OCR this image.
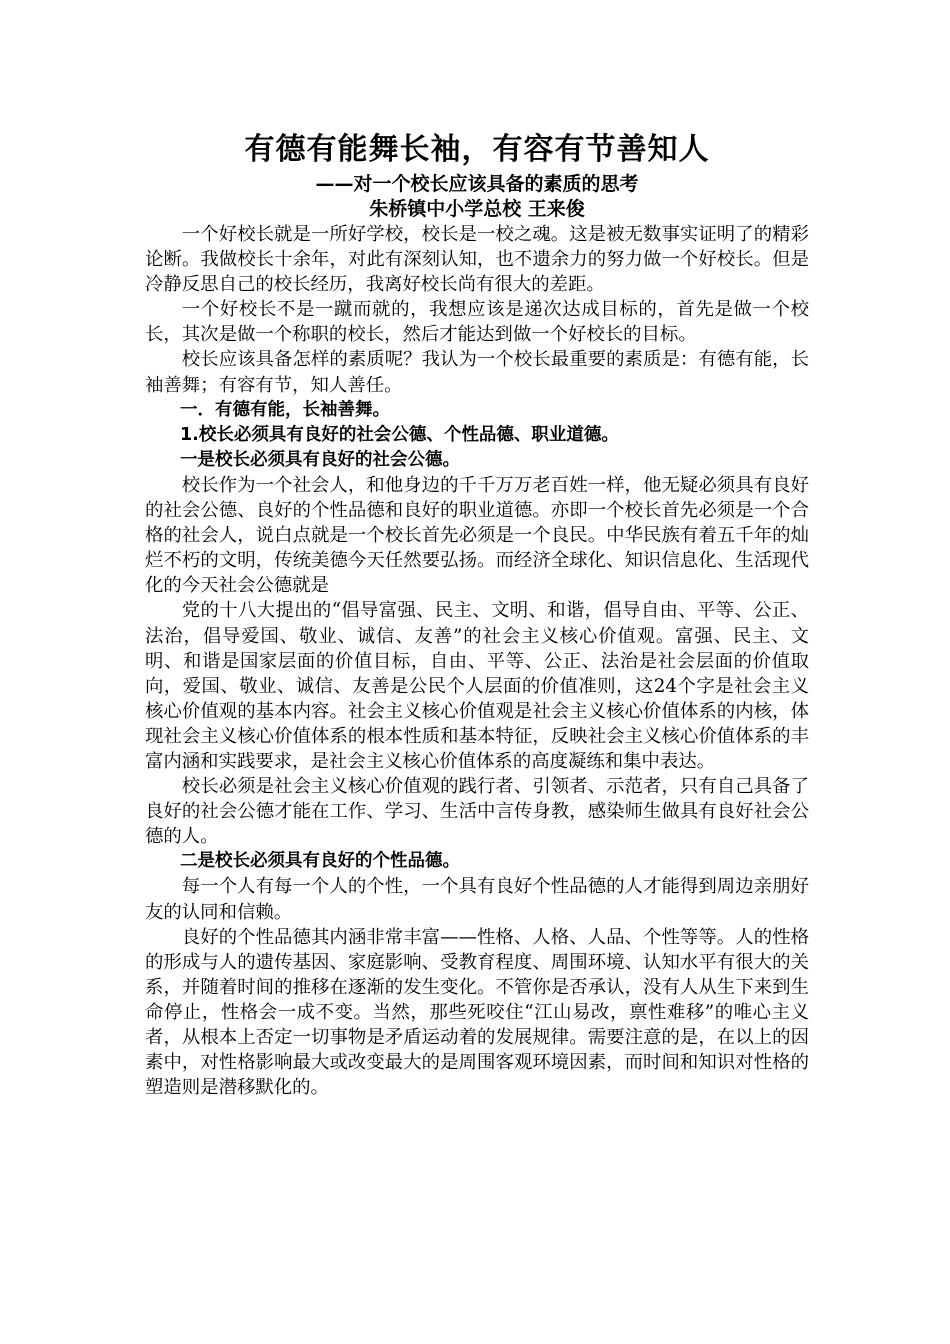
有德有能舞长袖，有容有节善知人
——对一个校长应该具备的素质的思考
朱桥镇中小学总校 王来俊

一个好校长就是一所好学校，校长是一校之魂。这是被无数事实证明了的精彩论断。我做校长十余年，对此有深刻认知，也不遗余力的努力做一个好校长。但是冷静反思自己的校长经历，我离好校长尚有很大的差距。

一个好校长不是一蹴而就的，我想应该是递次达成目标的，首先是做一个校长，其次是做一个称职的校长，然后才能达到做一个好校长的目标。

校长应该具备怎样的素质呢？我认为一个校长最重要的素质是：有德有能，长袖善舞；有容有节，知人善任。

一．有德有能，长袖善舞。

1.校长必须具有良好的社会公德、个性品德、职业道德。

一是校长必须具有良好的社会公德。

校长作为一个社会人，和他身边的千千万万老百姓一样，他无疑必须具有良好的社会公德、良好的个性品德和良好的职业道德。亦即一个校长首先必须是一个合格的社会人，说白点就是一个校长首先必须是一个良民。中华民族有着五千年的灿烂不朽的文明，传统美德今天任然要弘扬。而经济全球化、知识信息化、生活现代化的今天社会公德就是

党的十八大提出的“倡导富强、民主、文明、和谐，倡导自由、平等、公正、法治，倡导爱国、敬业、诚信、友善”的社会主义核心价值观。富强、民主、文明、和谐是国家层面的价值目标，自由、平等、公正、法治是社会层面的价值取向，爱国、敬业、诚信、友善是公民个人层面的价值准则，这24个字是社会主义核心价值观的基本内容。社会主义核心价值观是社会主义核心价值体系的内核，体现社会主义核心价值体系的根本性质和基本特征，反映社会主义核心价值体系的丰富内涵和实践要求，是社会主义核心价值体系的高度凝练和集中表达。

校长必须是社会主义核心价值观的践行者、引领者、示范者，只有自己具备了良好的社会公德才能在工作、学习、生活中言传身教，感染师生做具有良好社会公德的人。

二是校长必须具有良好的个性品德。

每一个人有每一个人的个性，一个具有良好个性品德的人才能得到周边亲朋好友的认同和信赖。

良好的个性品德其内涵非常丰富——性格、人格、人品、个性等等。人的性格的形成与人的遗传基因、家庭影响、受教育程度、周围环境、认知水平有很大的关系，并随着时间的推移在逐渐的发生变化。不管你是否承认，没有人从生下来到生命停止，性格会一成不变。当然，那些死咬住“江山易改，禀性难移”的唯心主义者，从根本上否定一切事物是矛盾运动着的发展规律。需要注意的是，在以上的因素中，对性格影响最大或改变最大的是周围客观环境因素，而时间和知识对性格的塑造则是潜移默化的。
